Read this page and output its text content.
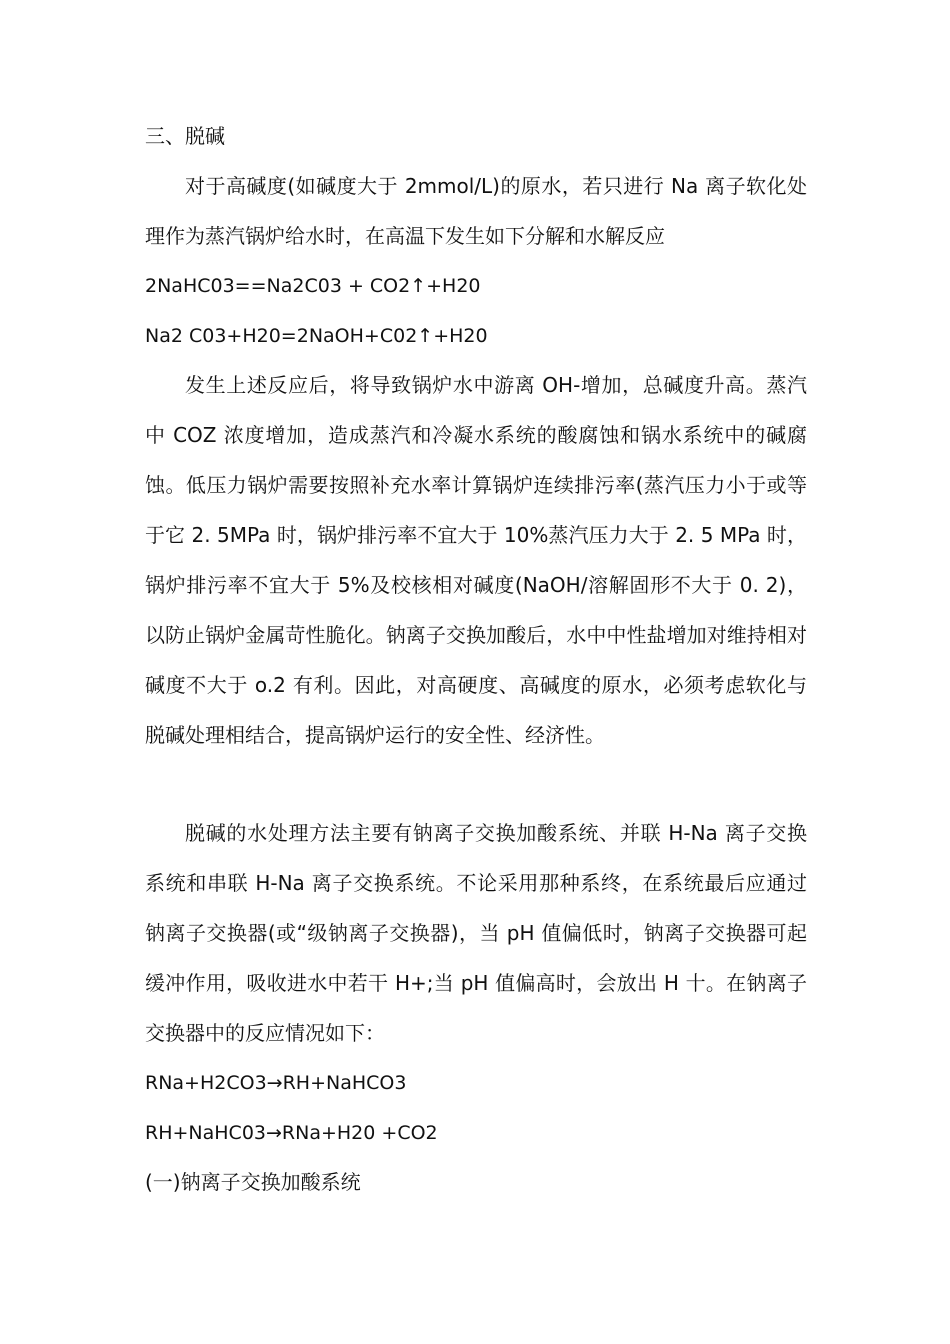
三、脱碱
对于高碱度(如碱度大于 2mmol/L)的原水，若只进行 Na 离子软化处理作为蒸汽锅炉给水时，在高温下发生如下分解和水解反应
2NaHC03==Na2C03 + CO2↑+H20
Na2 C03+H20=2NaOH+C02↑+H20
发生上述反应后，将导致锅炉水中游离 OH-增加，总碱度升高。蒸汽中 COZ 浓度增加，造成蒸汽和冷凝水系统的酸腐蚀和锅水系统中的碱腐蚀。低压力锅炉需要按照补充水率计算锅炉连续排污率(蒸汽压力小于或等于它 2. 5MPa 时，锅炉排污率不宜大于 10%蒸汽压力大于 2. 5 MPa 时，锅炉排污率不宜大于 5%及校核相对碱度(NaOH/溶解固形不大于 0. 2)，以防止锅炉金属苛性脆化。钠离子交换加酸后，水中中性盐增加对维持相对碱度不大于 o.2 有利。因此，对高硬度、高碱度的原水，必须考虑软化与脱碱处理相结合，提高锅炉运行的安全性、经济性。
脱碱的水处理方法主要有钠离子交换加酸系统、并联 H-Na 离子交换系统和串联 H-Na 离子交换系统。不论采用那种系终，在系统最后应通过钠离子交换器(或“级钠离子交换器)，当 pH 值偏低时，钠离子交换器可起缓冲作用，吸收进水中若干 H+;当 pH 值偏高时，会放出 H 十。在钠离子交换器中的反应情况如下：
RNa+H2CO3→RH+NaHCO3
RH+NaHC03→RNa+H20 +CO2
(一)钠离子交换加酸系统
